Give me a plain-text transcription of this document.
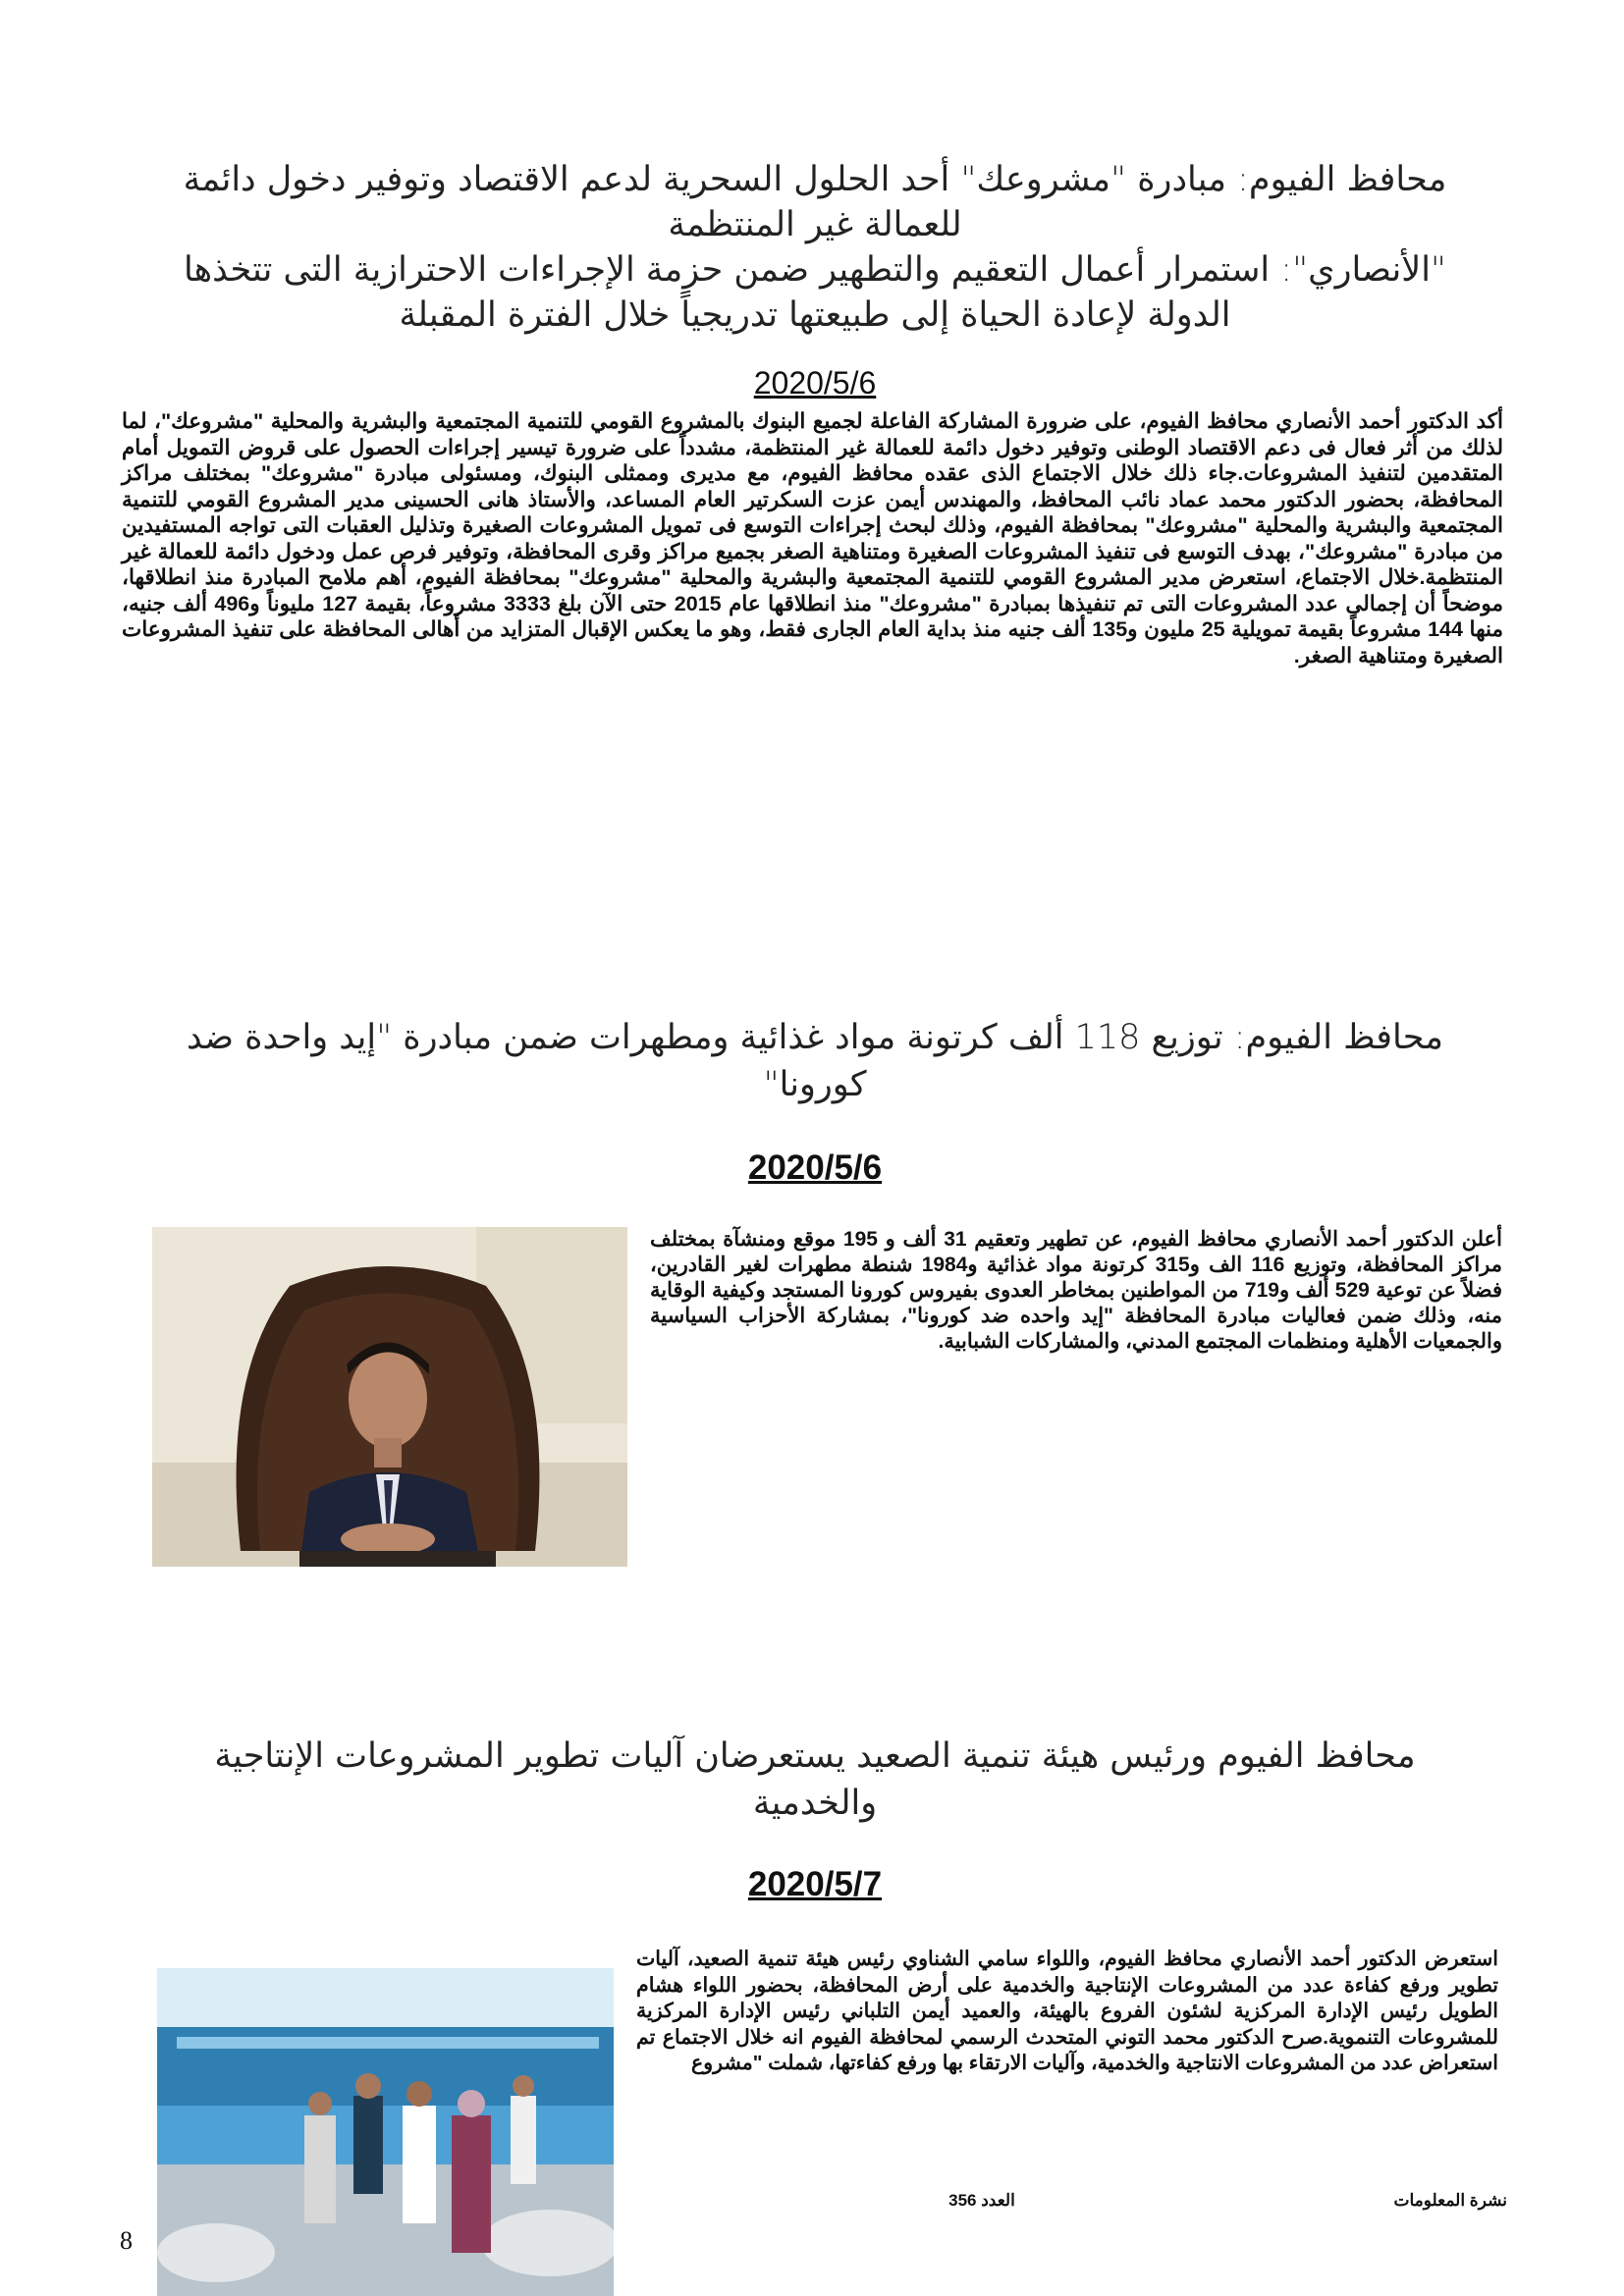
محافظ الفيوم: مبادرة "مشروعك" أحد الحلول السحرية لدعم الاقتصاد وتوفير دخول دائمة

للعمالة غير المنتظمة

"الأنصاري": استمرار أعمال التعقيم والتطهير ضمن حزمة الإجراءات الاحترازية التى تتخذها

الدولة لإعادة الحياة إلى طبيعتها تدريجياً خلال الفترة المقبلة

2020/5/6
أكد الدكتور أحمد الأنصاري محافظ الفيوم، على ضرورة المشاركة الفاعلة لجميع البنوك بالمشروع القومي للتنمية المجتمعية والبشرية والمحلية "مشروعك"، لما لذلك من أثر فعال فى دعم الاقتصاد الوطنى وتوفير دخول دائمة للعمالة غير المنتظمة، مشدداً على ضرورة تيسير إجراءات الحصول على قروض التمويل أمام المتقدمين لتنفيذ المشروعات.جاء ذلك خلال الاجتماع الذى عقده محافظ الفيوم، مع مديرى وممثلى البنوك، ومسئولى مبادرة "مشروعك" بمختلف مراكز المحافظة، بحضور الدكتور محمد عماد نائب المحافظ، والمهندس أيمن عزت السكرتير العام المساعد، والأستاذ هانى الحسينى مدير المشروع القومي للتنمية المجتمعية والبشرية والمحلية "مشروعك" بمحافظة الفيوم، وذلك لبحث إجراءات التوسع فى تمويل المشروعات الصغيرة وتذليل العقبات التى تواجه المستفيدين من مبادرة "مشروعك"، بهدف التوسع فى تنفيذ المشروعات الصغيرة ومتناهية الصغر بجميع مراكز وقرى المحافظة، وتوفير فرص عمل ودخول دائمة للعمالة غير المنتظمة.خلال الاجتماع، استعرض مدير المشروع القومي للتنمية المجتمعية والبشرية والمحلية "مشروعك" بمحافظة الفيوم، أهم ملامح المبادرة منذ انطلاقها، موضحاً أن إجمالى عدد المشروعات التى تم تنفيذها بمبادرة "مشروعك" منذ انطلاقها عام 2015 حتى الآن بلغ 3333 مشروعاً، بقيمة 127 مليوناً و496 ألف جنيه، منها 144 مشروعاً بقيمة تمويلية 25 مليون و135 ألف جنيه منذ بداية العام الجارى فقط، وهو ما يعكس الإقبال المتزايد من أهالى المحافظة على تنفيذ المشروعات الصغيرة ومتناهية الصغر.

محافظ الفيوم: توزيع 118 ألف كرتونة مواد غذائية ومطهرات ضمن مبادرة "إيد واحدة ضد

كورونا"

2020/5/6
أعلن الدكتور أحمد الأنصاري محافظ الفيوم، عن تطهير وتعقيم 31 ألف و 195 موقع ومنشآة بمختلف مراكز المحافظة، وتوزيع 116 الف و315 كرتونة مواد غذائية و1984 شنطة مطهرات لغير القادرين، فضلاً عن توعية 529 ألف و719 من المواطنين بمخاطر العدوى بفيروس كورونا المستجد وكيفية الوقاية منه، وذلك ضمن فعاليات مبادرة المحافظة "إيد واحده ضد كورونا"، بمشاركة الأحزاب السياسية والجمعيات الأهلية ومنظمات المجتمع المدني، والمشاركات الشبابية.

محافظ الفيوم ورئيس هيئة تنمية الصعيد يستعرضان آليات تطوير المشروعات الإنتاجية

والخدمية

2020/5/7
استعرض الدكتور أحمد الأنصاري محافظ الفيوم، واللواء سامي الشناوي رئيس هيئة تنمية الصعيد، آليات تطوير ورفع كفاءة عدد من المشروعات الإنتاجية والخدمية على أرض المحافظة، بحضور اللواء هشام الطويل رئيس الإدارة المركزية لشئون الفروع بالهيئة، والعميد أيمن التلباني رئيس الإدارة المركزية للمشروعات التنموية.صرح الدكتور محمد التوني المتحدث الرسمي لمحافظة الفيوم انه خلال الاجتماع تم استعراض عدد من المشروعات الانتاجية والخدمية، وآليات الارتقاء بها ورفع كفاءتها، شملت "مشروع
نشرة المعلومات
العدد 356
8
